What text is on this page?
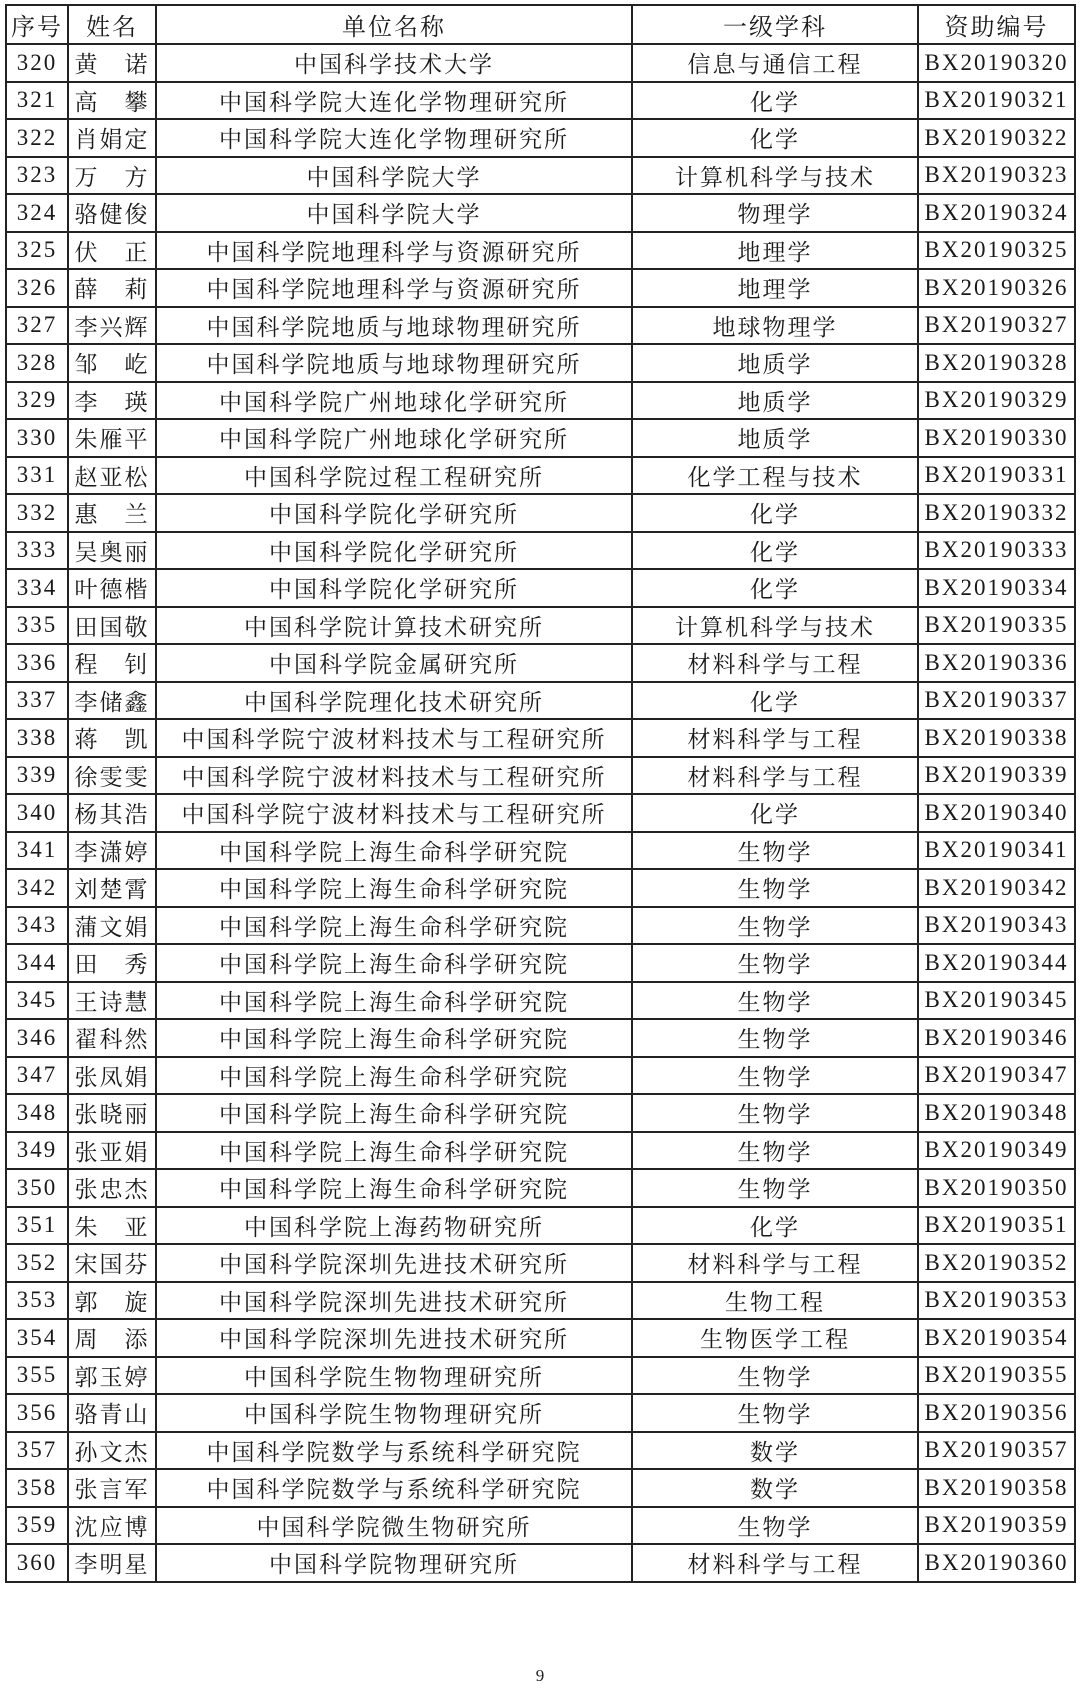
序号	姓名	单位名称	一级学科	资助编号
320	黄　诺	中国科学技术大学	信息与通信工程	BX20190320
321	高　攀	中国科学院大连化学物理研究所	化学	BX20190321
322	肖娟定	中国科学院大连化学物理研究所	化学	BX20190322
323	万　方	中国科学院大学	计算机科学与技术	BX20190323
324	骆健俊	中国科学院大学	物理学	BX20190324
325	伏　正	中国科学院地理科学与资源研究所	地理学	BX20190325
326	薛　莉	中国科学院地理科学与资源研究所	地理学	BX20190326
327	李兴辉	中国科学院地质与地球物理研究所	地球物理学	BX20190327
328	邹　屹	中国科学院地质与地球物理研究所	地质学	BX20190328
329	李　瑛	中国科学院广州地球化学研究所	地质学	BX20190329
330	朱雁平	中国科学院广州地球化学研究所	地质学	BX20190330
331	赵亚松	中国科学院过程工程研究所	化学工程与技术	BX20190331
332	惠　兰	中国科学院化学研究所	化学	BX20190332
333	吴奥丽	中国科学院化学研究所	化学	BX20190333
334	叶德楷	中国科学院化学研究所	化学	BX20190334
335	田国敬	中国科学院计算技术研究所	计算机科学与技术	BX20190335
336	程　钊	中国科学院金属研究所	材料科学与工程	BX20190336
337	李储鑫	中国科学院理化技术研究所	化学	BX20190337
338	蒋　凯	中国科学院宁波材料技术与工程研究所	材料科学与工程	BX20190338
339	徐雯雯	中国科学院宁波材料技术与工程研究所	材料科学与工程	BX20190339
340	杨其浩	中国科学院宁波材料技术与工程研究所	化学	BX20190340
341	李潇婷	中国科学院上海生命科学研究院	生物学	BX20190341
342	刘楚霄	中国科学院上海生命科学研究院	生物学	BX20190342
343	蒲文娟	中国科学院上海生命科学研究院	生物学	BX20190343
344	田　秀	中国科学院上海生命科学研究院	生物学	BX20190344
345	王诗慧	中国科学院上海生命科学研究院	生物学	BX20190345
346	翟科然	中国科学院上海生命科学研究院	生物学	BX20190346
347	张凤娟	中国科学院上海生命科学研究院	生物学	BX20190347
348	张晓丽	中国科学院上海生命科学研究院	生物学	BX20190348
349	张亚娟	中国科学院上海生命科学研究院	生物学	BX20190349
350	张忠杰	中国科学院上海生命科学研究院	生物学	BX20190350
351	朱　亚	中国科学院上海药物研究所	化学	BX20190351
352	宋国芬	中国科学院深圳先进技术研究所	材料科学与工程	BX20190352
353	郭　旋	中国科学院深圳先进技术研究所	生物工程	BX20190353
354	周　添	中国科学院深圳先进技术研究所	生物医学工程	BX20190354
355	郭玉婷	中国科学院生物物理研究所	生物学	BX20190355
356	骆青山	中国科学院生物物理研究所	生物学	BX20190356
357	孙文杰	中国科学院数学与系统科学研究院	数学	BX20190357
358	张言军	中国科学院数学与系统科学研究院	数学	BX20190358
359	沈应博	中国科学院微生物研究所	生物学	BX20190359
360	李明星	中国科学院物理研究所	材料科学与工程	BX20190360
9
